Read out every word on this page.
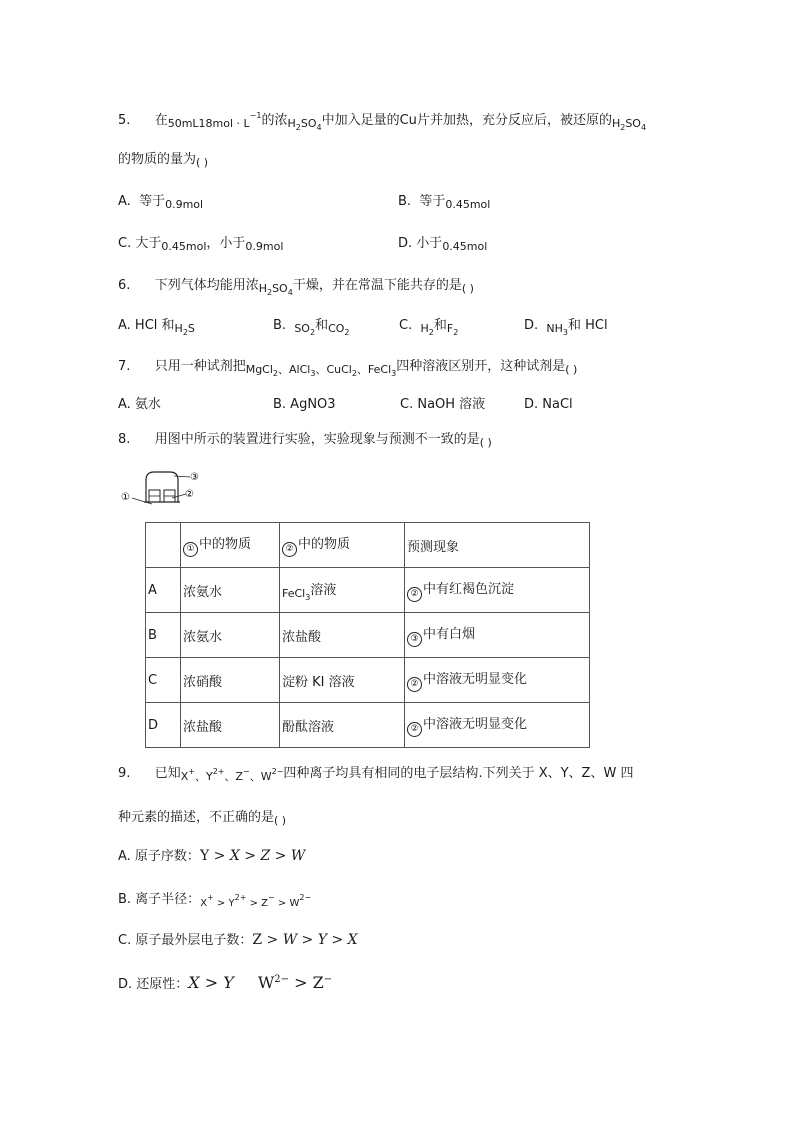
5. 在$_{50mL18mol \cdot L}^{-1}$的浓$_{H_2SO_4}$中加入足量的Cu片并加热，充分反应后，被还原的$_{H_2SO_4}$
的物质的量为$_{( )}$
A. 等于$_{0.9mol}$	B. 等于$_{0.45mol}$
C. 大于$_{0.45mol}$，小于$_{0.9mol}$	D. 小于$_{0.45mol}$
6. 下列气体均能用浓$_{H_2SO_4}$干燥，并在常温下能共存的是$_{( )}$
A. HCl 和$_{H_2S}$	B. $_{SO_2}$和$_{CO_2}$	C. $_{H_2}$和$_{F_2}$	D. $_{NH_3}$和 HCl
7. 只用一种试剂把$_{MgCl_2、AlCl_3、CuCl_2、FeCl_3}$四种溶液区别开，这种试剂是$_{( )}$
A. 氨水	B. AgNO3	C. NaOH 溶液	D. NaCl
8. 用图中所示的装置进行实验，实验现象与预测不一致的是$_{( )}$
①	②
③
	① 中的物质	② 中的物质	预测现象
A	浓氨水	$_{FeCl_3}$溶液	② 中有红褐色沉淀
B	浓氨水	浓盐酸	③ 中有白烟
C	浓硝酸	淀粉 KI 溶液	② 中溶液无明显变化
D	浓盐酸	酚酞溶液	② 中溶液无明显变化
9. 已知$_{X^+、Y^{2+}、Z^-、W^{2-}}$四种离子均具有相同的电子层结构.下列关于 X、Y、Z、W 四
种元素的描述，不正确的是$_{( )}$
A. 原子序数：Y > X > Z > W
B. 离子半径：$_{X^+ > Y^{2+} > Z^- > W^{2-}}$
C. 原子最外层电子数：Z > W > Y > X
D. 还原性：X > Y $W^{2-} > Z^-$
